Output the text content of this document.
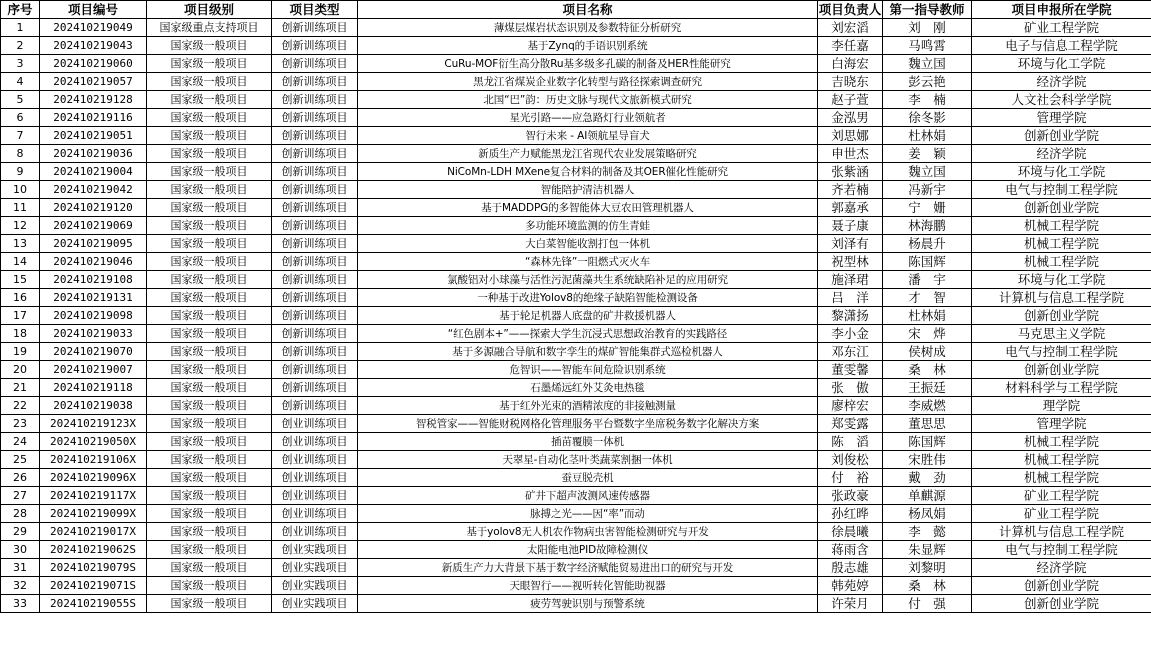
序号	项目编号	项目级别	项目类型	项目名称	项目负责人	第一指导教师	项目申报所在学院
1	202410219049	国家级重点支持项目	创新训练项目	薄煤层煤岩状态识别及参数特征分析研究	刘宏滔	刘　刚	矿业工程学院
2	202410219043	国家级一般项目	创新训练项目	基于Zynq的手语识别系统	李任嘉	马鸣霄	电子与信息工程学院
3	202410219060	国家级一般项目	创新训练项目	CuRu-MOF衍生高分散Ru基多级多孔碳的制备及HER性能研究	白海宏	魏立国	环境与化工学院
4	202410219057	国家级一般项目	创新训练项目	黑龙江省煤炭企业数字化转型与路径探索调查研究	吉晓东	彭云艳	经济学院
5	202410219128	国家级一般项目	创新训练项目	北国“巴”韵：历史文脉与现代文旅新模式研究	赵子萱	李　楠	人文社会科学学院
6	202410219116	国家级一般项目	创新训练项目	星光引路——应急路灯行业领航者	金泓男	徐冬影	管理学院
7	202410219051	国家级一般项目	创新训练项目	智行未来 - AI领航星导盲犬	刘思娜	杜林娟	创新创业学院
8	202410219036	国家级一般项目	创新训练项目	新质生产力赋能黑龙江省现代农业发展策略研究	申世杰	姜　颖	经济学院
9	202410219004	国家级一般项目	创新训练项目	NiCoMn-LDH MXene复合材料的制备及其OER催化性能研究	张紫涵	魏立国	环境与化工学院
10	202410219042	国家级一般项目	创新训练项目	智能陪护清洁机器人	齐若楠	冯新宇	电气与控制工程学院
11	202410219120	国家级一般项目	创新训练项目	基于MADDPG的多智能体大豆农田管理机器人	郭嘉承	宁　姗	创新创业学院
12	202410219069	国家级一般项目	创新训练项目	多功能环境监测的仿生青蛙	聂子康	林海鹏	机械工程学院
13	202410219095	国家级一般项目	创新训练项目	大白菜智能收割打包一体机	刘泽有	杨晨升	机械工程学院
14	202410219046	国家级一般项目	创新训练项目	“森林先锋”一阻燃式灭火车	祝型林	陈国辉	机械工程学院
15	202410219108	国家级一般项目	创新训练项目	氯酸铝对小球藻与活性污泥菌藻共生系统缺陷补足的应用研究	施泽珺	潘　宇	环境与化工学院
16	202410219131	国家级一般项目	创新训练项目	一种基于改进Yolov8的绝缘子缺陷智能检测设备	吕　洋	才　智	计算机与信息工程学院
17	202410219098	国家级一般项目	创新训练项目	基于轮足机器人底盘的矿井救援机器人	黎潇扬	杜林娟	创新创业学院
18	202410219033	国家级一般项目	创新训练项目	“红色剧本+”——探索大学生沉浸式思想政治教育的实践路径	李小金	宋　烨	马克思主义学院
19	202410219070	国家级一般项目	创新训练项目	基于多源融合导航和数字孪生的煤矿智能集群式巡检机器人	邓东江	侯树成	电气与控制工程学院
20	202410219007	国家级一般项目	创新训练项目	危智识——智能车间危险识别系统	董雯馨	桑　林	创新创业学院
21	202410219118	国家级一般项目	创新训练项目	石墨烯远红外艾灸电热毯	张　傲	王振廷	材料科学与工程学院
22	202410219038	国家级一般项目	创新训练项目	基于红外光束的酒精浓度的非接触测量	廖梓宏	李威燃	理学院
23	202410219123X	国家级一般项目	创业训练项目	智税管家——智能财税网格化管理服务平台暨数字坐席税务数字化解决方案	郑雯露	董思思	管理学院
24	202410219050X	国家级一般项目	创业训练项目	插苗覆膜一体机	陈　滔	陈国辉	机械工程学院
25	202410219106X	国家级一般项目	创业训练项目	天翠星-自动化茎叶类蔬菜割捆一体机	刘俊松	宋胜伟	机械工程学院
26	202410219096X	国家级一般项目	创业训练项目	蚕豆脱壳机	付　裕	戴　劲	机械工程学院
27	202410219117X	国家级一般项目	创业训练项目	矿井下超声波测风速传感器	张政豪	单麒源	矿业工程学院
28	202410219099X	国家级一般项目	创业训练项目	脉搏之光——因“率”而动	孙红晔	杨凤娟	矿业工程学院
29	202410219017X	国家级一般项目	创业训练项目	基于yolov8无人机农作物病虫害智能检测研究与开发	徐晨曦	李　懿	计算机与信息工程学院
30	202410219062S	国家级一般项目	创业实践项目	太阳能电池PID故障检测仪	蒋雨含	朱显辉	电气与控制工程学院
31	202410219079S	国家级一般项目	创业实践项目	新质生产力大背景下基于数字经济赋能贸易进出口的研究与开发	殷志雄	刘黎明	经济学院
32	202410219071S	国家级一般项目	创业实践项目	天眼智行——视听转化智能助视器	韩苑婷	桑　林	创新创业学院
33	202410219055S	国家级一般项目	创业实践项目	疲劳驾驶识别与预警系统	许荣月	付　强	创新创业学院
